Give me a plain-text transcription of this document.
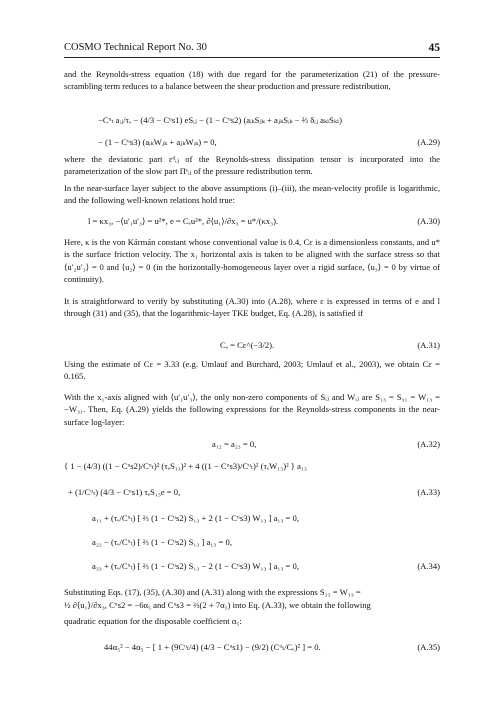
COSMO Technical Report No. 30	45
and the Reynolds-stress equation (18) with due regard for the parameterization (21) of the pressure-scrambling term reduces to a balance between the shear production and pressure redistribution,
−Cᵘₜ aᵢⱼ/τₑ − (4/3 − Cᵘs1) eSᵢⱼ − (1 − Cᵘs2) (aᵢₖSⱼₖ + aⱼₖSᵢₖ − ⅔ δᵢⱼ aₖₗSₖₗ)
− (1 − Cᵘs3) (aᵢₖWⱼₖ + aⱼₖWᵢₖ) = 0,	(A.29)
where the deviatoric part εᵈᵢⱼ of the Reynolds-stress dissipation tensor is incorporated into the parameterization of the slow part Πˢᵢⱼ of the pressure redistribution term.
In the near-surface layer subject to the above assumptions (i)–(iii), the mean-velocity profile is logarithmic, and the following well-known relations hold true:
l = κx₃, −⟨u′₁u′₃⟩ = u²*, e = Cₑu²*, ∂⟨u₁⟩/∂x₃ = u*/(κx₃).	(A.30)
Here, κ is the von Kármán constant whose conventional value is 0.4, Cε is a dimensionless constants, and u* is the surface friction velocity. The x₁ horizontal axis is taken to be aligned with the surface stress so that ⟨u′₂u′₃⟩ = 0 and ⟨u₂⟩ = 0 (in the horizontally-homogeneous layer over a rigid surface, ⟨u₃⟩ = 0 by virtue of continuity).
It is straightforward to verify by substituting (A.30) into (A.28), where ε is expressed in terms of e and l through (31) and (35), that the logarithmic-layer TKE budget, Eq. (A.28), is satisfied if
Cₑ = Cε^(−3/2).	(A.31)
Using the estimate of Cε = 3.33 (e.g. Umlauf and Burchard, 2003; Umlauf et al., 2003), we obtain Cε = 0.165.
With the x₁-axis aligned with ⟨u′₁u′₃⟩, the only non-zero components of Sᵢⱼ and Wᵢⱼ are S₁₃ = S₃₁ = W₁₃ = −W₃₁. Then, Eq. (A.29) yields the following expressions for the Reynolds-stress components in the near-surface log-layer:
a₁₂ = a₂₃ = 0,	(A.32)
{ 1 − (4/3) ((1 − Cᵘs2)/Cᵘₜ)² (τₑS₁₃)² + 4 ((1 − Cᵘs3)/Cᵘₜ)² (τₑW₁₃)² } a₁₃
+ (1/Cᵘₜ) (4/3 − Cᵘs1) τₑS₁₃e = 0,	(A.33)
a₁₁ + (τₑ/Cᵘₜ) [ ⅔ (1 − Cᵘs2) S₁₃ + 2 (1 − Cᵘs3) W₁₃ ] a₁₃ = 0,
a₂₂ − (τₑ/Cᵘₜ) [ ⅔ (1 − Cᵘs2) S₁₃ ] a₁₃ = 0,
a₃₃ + (τₑ/Cᵘₜ) [ ⅔ (1 − Cᵘs2) S₁₃ − 2 (1 − Cᵘs3) W₁₃ ] a₁₃ = 0,	(A.34)
Substituting Eqs. (17), (35), (A.30) and (A.31) along with the expressions S₁₃ = W₁₃ =
½ ∂⟨u₁⟩/∂x₃, Cᵘs2 = −6α₅ and Cᵘs3 = ⅔(2 + 7α₅) into Eq. (A.33), we obtain the following
quadratic equation for the disposable coefficient α₅:
44α₅² − 4α₅ − [ 1 + (9Cᵘₜ/4) (4/3 − Cᵘs1) − (9/2) (Cᵘₜ/Cₑ)² ] = 0.	(A.35)
